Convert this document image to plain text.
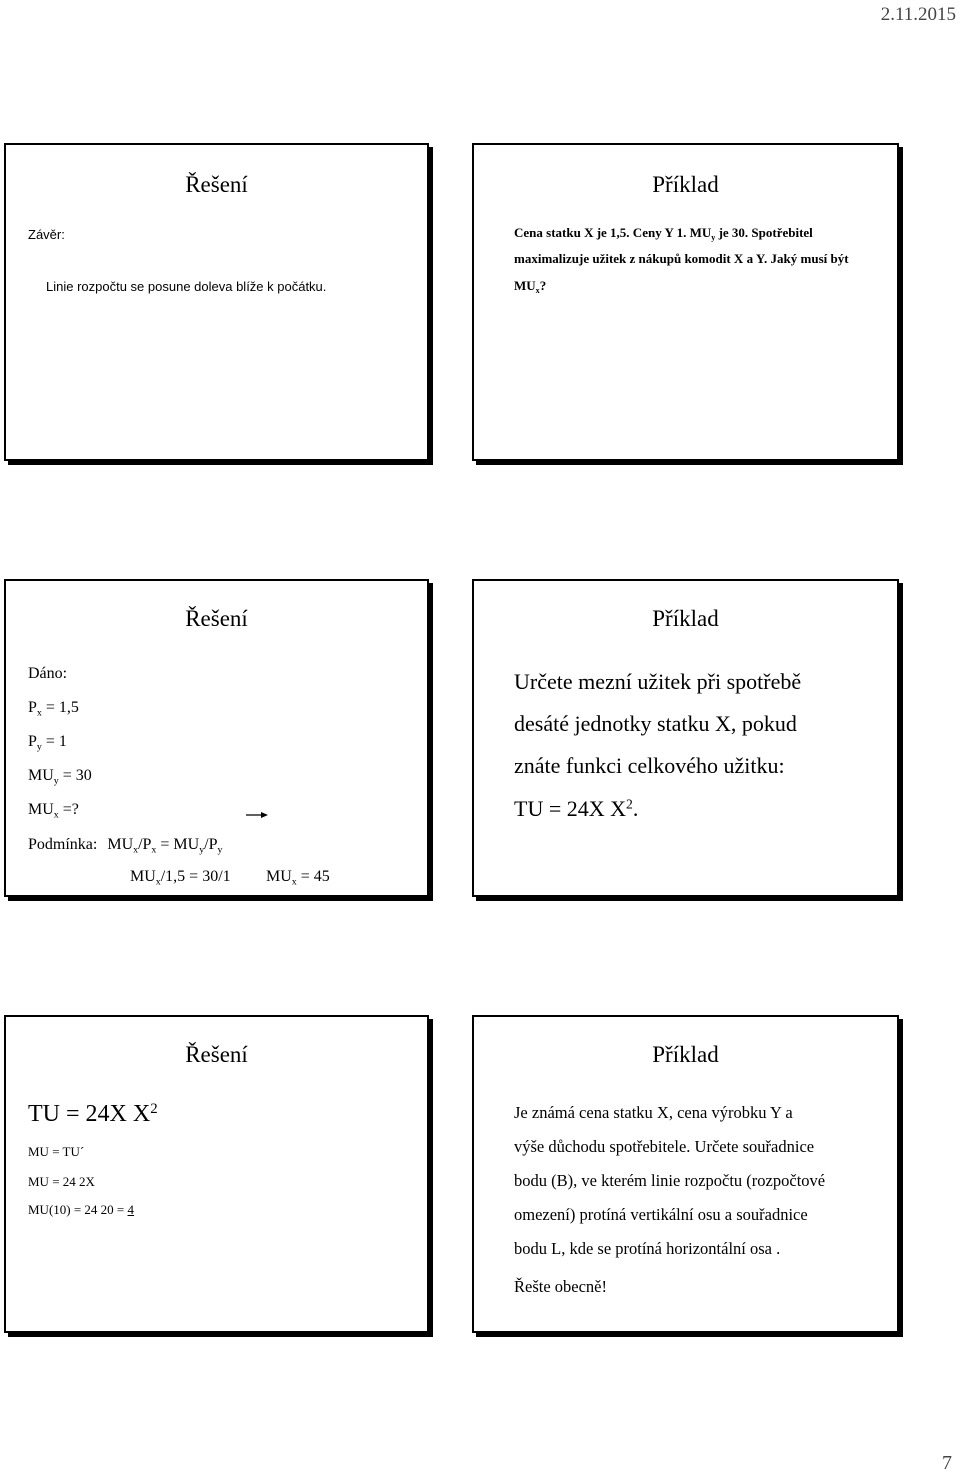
2.11.2015
Řešení
Závěr:
Linie rozpočtu se posune doleva blíže k počátku.
Příklad
Cena statku X je 1,5. Ceny Y 1. $MU_y$ je 30. Spotřebitel
maximalizuje užitek z nákupů komodit X a Y. Jaký musí být
$MU_x$?
Řešení
Dáno:
$P_x = 1,5$
$P_y = 1$
$MU_y = 30$
$MU_x$ =?
Podmínka: $MU_x/P_x = MU_y/P_y$
$MU_x/1,5 = 30/1$ $MU_x = 45$
Příklad
Určete mezní užitek při spotřebě
desáté jednotky statku X, pokud
znáte funkci celkového užitku:
TU = 24X $X^2$.
Řešení
TU = 24X $X^2$
MU = TU´
MU = 24 2X
MU(10) = 24 20 = 4
Příklad
Je známá cena statku X, cena výrobku Y a
výše důchodu spotřebitele. Určete souřadnice
bodu (B), ve kterém linie rozpočtu (rozpočtové
omezení) protíná vertikální osu a souřadnice
bodu L, kde se protíná horizontální osa .
Řešte obecně!
7
